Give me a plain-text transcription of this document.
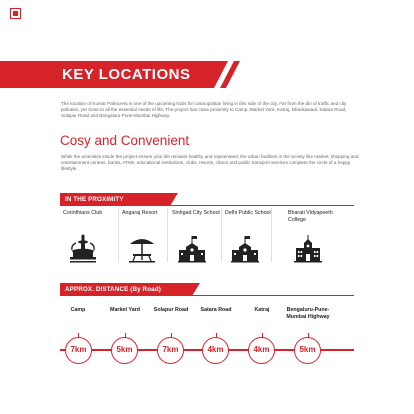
KEY LOCATIONS
The location of Kumar Palmcrest is one of the upcoming hubs for cosmopolitan living in this side of the city. Far from the din of traffic and city pollution, yet close to all the essential needs of life. The project has close proximity to Camp, Market Yard, Katraj, Dhankawadi, Satara Road, Solapur Road and Bengaluru-Pune-Mumbai Highway.
Cosy and Convenient
While the amenities inside the project ensure your life remains healthy and rejuvenated, the urban facilities in the vicinity like market, shopping and entertainment centres, banks, ATMs, educational institutions, clubs, resorts, clinics and public transport services complete the circle of a happy lifestyle.
IN THE PROXIMITY
Corinthians Club	Angaraj Resort	Sinhgad City School Delhi Public School	Bharati Vidyapeeth College
APPROX. DISTANCE (By Road)
Camp	Market Yard	Solapur Road	Satara Road	Katraj	Bengaluru-Pune-Mumbai Highway
7km	5km	7km	4km	4km	5km
